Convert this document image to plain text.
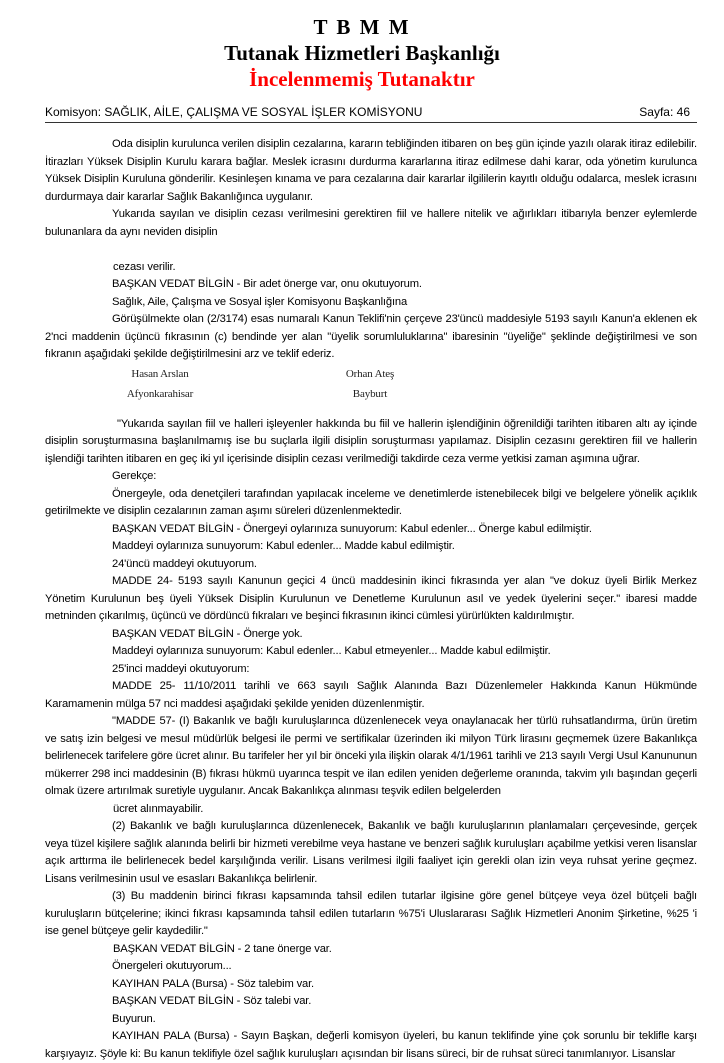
T B M M
Tutanak Hizmetleri Başkanlığı
İncelenmemiş Tutanaktır
Komisyon: SAĞLIK, AİLE, ÇALIŞMA VE SOSYAL İŞLER KOMİSYONU	Sayfa: 46

Oda disiplin kurulunca verilen disiplin cezalarına, kararın tebliğinden itibaren on beş gün içinde yazılı olarak itiraz edilebilir. İtirazları Yüksek Disiplin Kurulu karara bağlar. Meslek icrasını durdurma kararlarına itiraz edilmese dahi karar, oda yönetim kurulunca Yüksek Disiplin Kuruluna gönderilir. Kesinleşen kınama ve para cezalarına dair kararlar ilgililerin kayıtlı olduğu odalarca, meslek icrasını durdurmaya dair kararlar Sağlık Bakanlığınca uygulanır.

Yukarıda sayılan ve disiplin cezası verilmesini gerektiren fiil ve hallere nitelik ve ağırlıkları itibarıyla benzer eylemlerde bulunanlara da aynı neviden disiplin

cezası verilir.

BAŞKAN VEDAT BİLGİN - Bir adet önerge var, onu okutuyorum.

Sağlık, Aile, Çalışma ve Sosyal işler Komisyonu Başkanlığına

Görüşülmekte olan (2/3174) esas numaralı Kanun Teklifi'nin çerçeve 23'üncü maddesiyle 5193 sayılı Kanun'a eklenen ek 2'nci maddenin üçüncü fıkrasının (c) bendinde yer alan "üyelik sorumluluklarına" ibaresinin "üyeliğe" şeklinde değiştirilmesi ve son fıkranın aşağıdaki şekilde değiştirilmesini arz ve teklif ederiz.

Hasan Arslan
Afyonkarahisar
Orhan Ateş
Bayburt

"Yukarıda sayılan fiil ve halleri işleyenler hakkında bu fiil ve hallerin işlendiğinin öğrenildiği tarihten itibaren altı ay içinde disiplin soruşturmasına başlanılmamış ise bu suçlarla ilgili disiplin soruşturması yapılamaz. Disiplin cezasını gerektiren fiil ve hallerin işlendiği tarihten itibaren en geç iki yıl içerisinde disiplin cezası verilmediği takdirde ceza verme yetkisi zaman aşımına uğrar.

Gerekçe:

Önergeyle, oda denetçileri tarafından yapılacak inceleme ve denetimlerde istenebilecek bilgi ve belgelere yönelik açıklık getirilmekte ve disiplin cezalarının zaman aşımı süreleri düzenlenmektedir.

BAŞKAN VEDAT BİLGİN - Önergeyi oylarınıza sunuyorum: Kabul edenler... Önerge kabul edilmiştir.

Maddeyi oylarınıza sunuyorum: Kabul edenler... Madde kabul edilmiştir.

24'üncü maddeyi okutuyorum.

MADDE 24- 5193 sayılı Kanunun geçici 4 üncü maddesinin ikinci fıkrasında yer alan "ve dokuz üyeli Birlik Merkez Yönetim Kurulunun beş üyeli Yüksek Disiplin Kurulunun ve Denetleme Kurulunun asıl ve yedek üyelerini seçer." ibaresi madde metninden çıkarılmış, üçüncü ve dördüncü fıkraları ve beşinci fıkrasının ikinci cümlesi yürürlükten kaldırılmıştır.

BAŞKAN VEDAT BİLGİN - Önerge yok.

Maddeyi oylarınıza sunuyorum: Kabul edenler... Kabul etmeyenler... Madde kabul edilmiştir.

25'inci maddeyi okutuyorum:

MADDE 25- 11/10/2011 tarihli ve 663 sayılı Sağlık Alanında Bazı Düzenlemeler Hakkında Kanun Hükmünde Karamamenin mülga 57 nci maddesi aşağıdaki şekilde yeniden düzenlenmiştir.

"MADDE 57- (I) Bakanlık ve bağlı kuruluşlarınca düzenlenecek veya onaylanacak her türlü ruhsatlandırma, ürün üretim ve satış izin belgesi ve mesul müdürlük belgesi ile permi ve sertifikalar üzerinden iki milyon Türk lirasını geçmemek üzere Bakanlıkça belirlenecek tarifelere göre ücret alınır. Bu tarifeler her yıl bir önceki yıla ilişkin olarak 4/1/1961 tarihli ve 213 sayılı Vergi Usul Kanununun mükerrer 298 inci maddesinin (B) fıkrası hükmü uyarınca tespit ve ilan edilen yeniden değerleme oranında, takvim yılı başından geçerli olmak üzere artırılmak suretiyle uygulanır. Ancak Bakanlıkça alınması teşvik edilen belgelerden

ücret alınmayabilir.

(2) Bakanlık ve bağlı kuruluşlarınca düzenlenecek, Bakanlık ve bağlı kuruluşlarının planlamaları çerçevesinde, gerçek veya tüzel kişilere sağlık alanında belirli bir hizmeti verebilme veya hastane ve benzeri sağlık kuruluşları açabilme yetkisi veren lisanslar açık arttırma ile belirlenecek bedel karşılığında verilir. Lisans verilmesi ilgili faaliyet için gerekli olan izin veya ruhsat yerine geçmez. Lisans verilmesinin usul ve esasları Bakanlıkça belirlenir.

(3) Bu maddenin birinci fıkrası kapsamında tahsil edilen tutarlar ilgisine göre genel bütçeye veya özel bütçeli bağlı kuruluşların bütçelerine; ikinci fıkrası kapsamında tahsil edilen tutarların %75'i Uluslararası Sağlık Hizmetleri Anonim Şirketine, %25 'i ise genel bütçeye gelir kaydedilir."

BAŞKAN VEDAT BİLGİN - 2 tane önerge var.

Önergeleri okutuyorum...

KAYIHAN PALA (Bursa) - Söz talebim var.

BAŞKAN VEDAT BİLGİN - Söz talebi var.

Buyurun.

KAYIHAN PALA (Bursa) - Sayın Başkan, değerli komisyon üyeleri, bu kanun teklifinde yine çok sorunlu bir teklifle karşı karşıyayız. Şöyle ki: Bu kanun teklifiyle özel sağlık kuruluşları açısından bir lisans süreci, bir de ruhsat süreci tanımlanıyor. Lisanslar
